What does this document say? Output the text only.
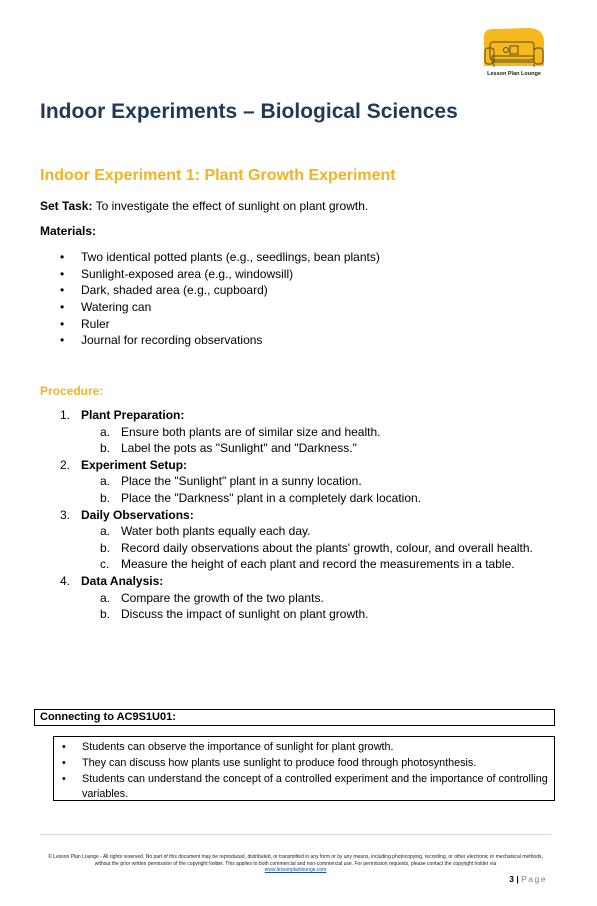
Lesson Plan Lounge
Indoor Experiments – Biological Sciences
Indoor Experiment 1: Plant Growth Experiment
Set Task: To investigate the effect of sunlight on plant growth.
Materials:
• Two identical potted plants (e.g., seedlings, bean plants)
• Sunlight-exposed area (e.g., windowsill)
• Dark, shaded area (e.g., cupboard)
• Watering can
• Ruler
• Journal for recording observations
Procedure:
1. Plant Preparation:
a. Ensure both plants are of similar size and health.
b. Label the pots as "Sunlight" and "Darkness."
2. Experiment Setup:
a. Place the "Sunlight" plant in a sunny location.
b. Place the "Darkness" plant in a completely dark location.
3. Daily Observations:
a. Water both plants equally each day.
b. Record daily observations about the plants' growth, colour, and overall health.
c. Measure the height of each plant and record the measurements in a table.
4. Data Analysis:
a. Compare the growth of the two plants.
b. Discuss the impact of sunlight on plant growth.
Connecting to AC9S1U01:
• Students can observe the importance of sunlight for plant growth.
• They can discuss how plants use sunlight to produce food through photosynthesis.
• Students can understand the concept of a controlled experiment and the importance of controlling variables.
© Lesson Plan Lounge - All rights reserved. No part of this document may be reproduced, distributed, or transmitted in any form or by any means, including photocopying, recording, or other electronic or mechanical methods, without the prior written permission of the copyright holder. This applies to both commercial and non-commercial use. For permission requests, please contact the copyright holder via
www.lessonplanlounge.com
3 | Page
